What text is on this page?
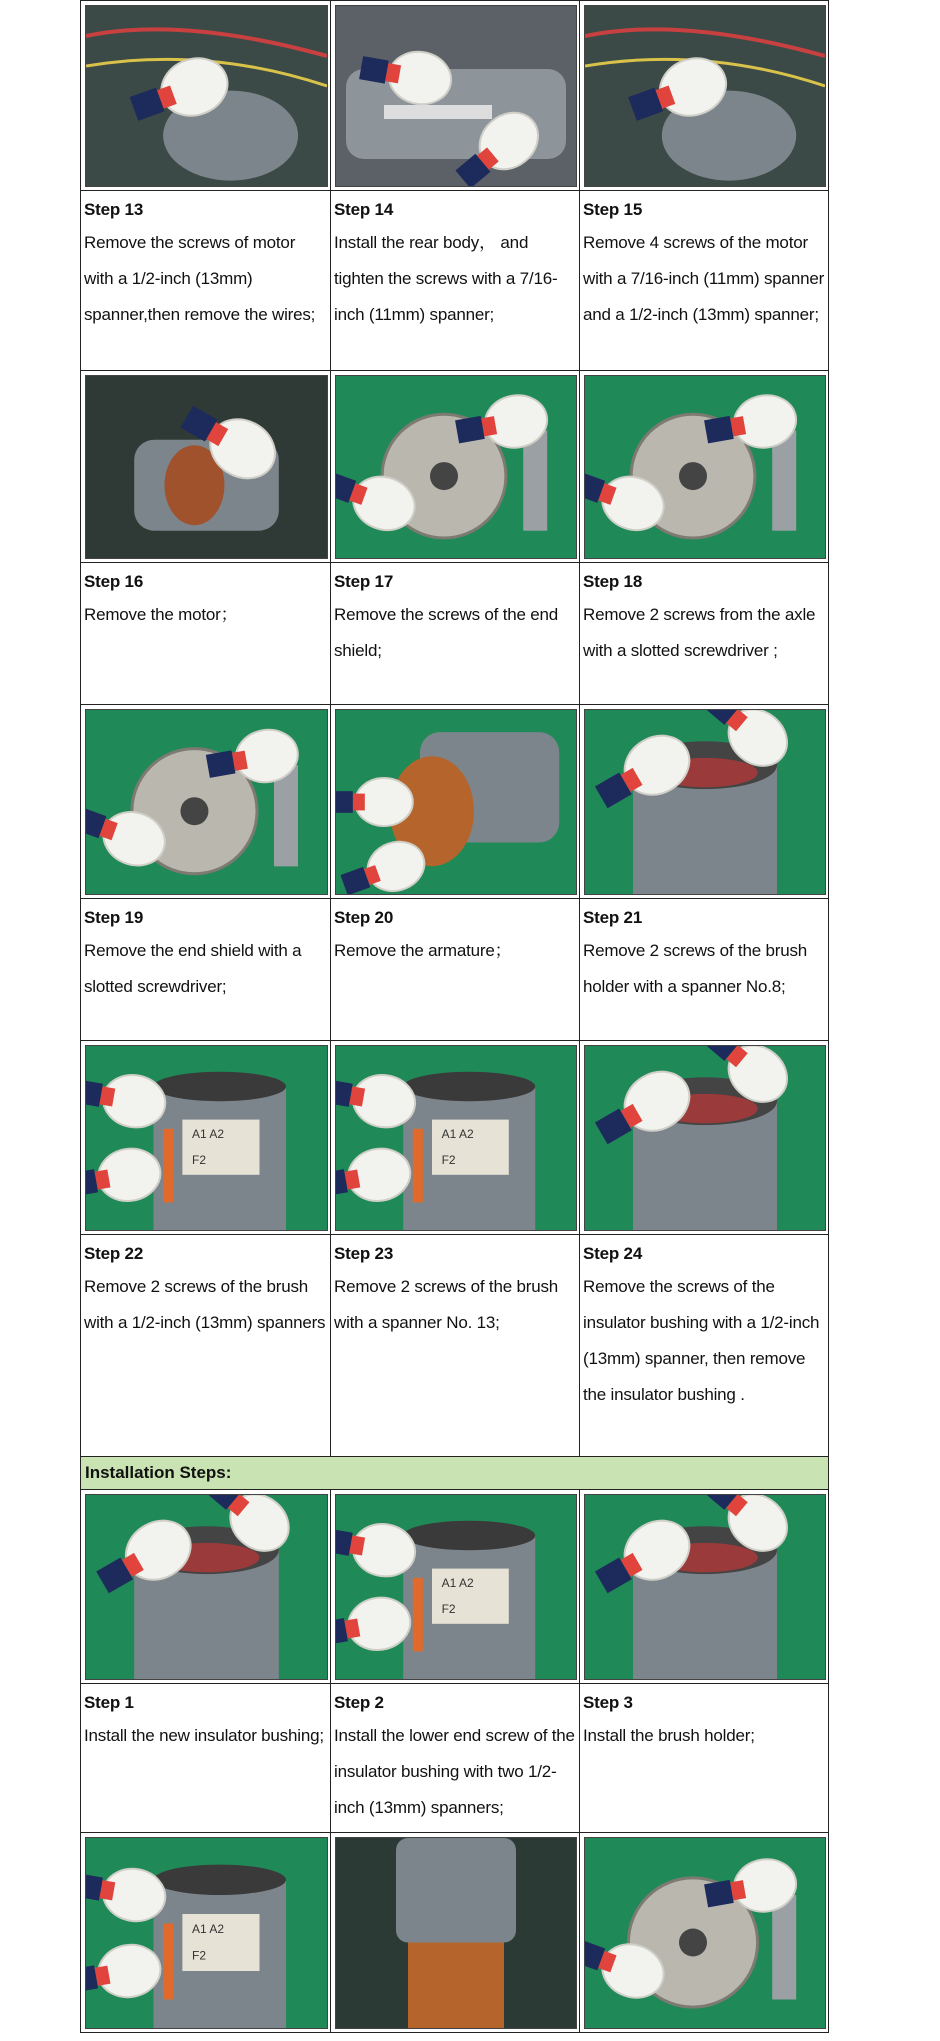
Step 13
Remove the screws of motor with a 1/2-inch (13mm) spanner,then remove the wires;	Step 14
Install the rear body， and tighten the screws with a 7/16-inch (11mm) spanner;	Step 15
Remove 4 screws of the motor with a 7/16-inch (11mm) spanner and a 1/2-inch (13mm) spanner;

Step 16
Remove the motor；	Step 17
Remove the screws of the end shield;	Step 18
Remove 2 screws from the axle with a slotted screwdriver ;

Step 19
Remove the end shield with a slotted screwdriver;	Step 20
Remove the armature；	Step 21
Remove 2 screws of the brush holder with a spanner No.8;

A1 A2
F2	A1 A2
F2

Step 22
Remove 2 screws of the brush with a 1/2-inch (13mm) spanners	Step 23
Remove 2 screws of the brush with a spanner No. 13;	Step 24
Remove the screws of the insulator bushing with a 1/2-inch (13mm) spanner, then remove the insulator bushing .
Installation Steps:		

A1 A2
F2

Step 1
Install the new insulator bushing;	Step 2
Install the lower end screw of the insulator bushing with two 1/2-inch (13mm) spanners;	Step 3
Install the brush holder;

A1 A2
F2
